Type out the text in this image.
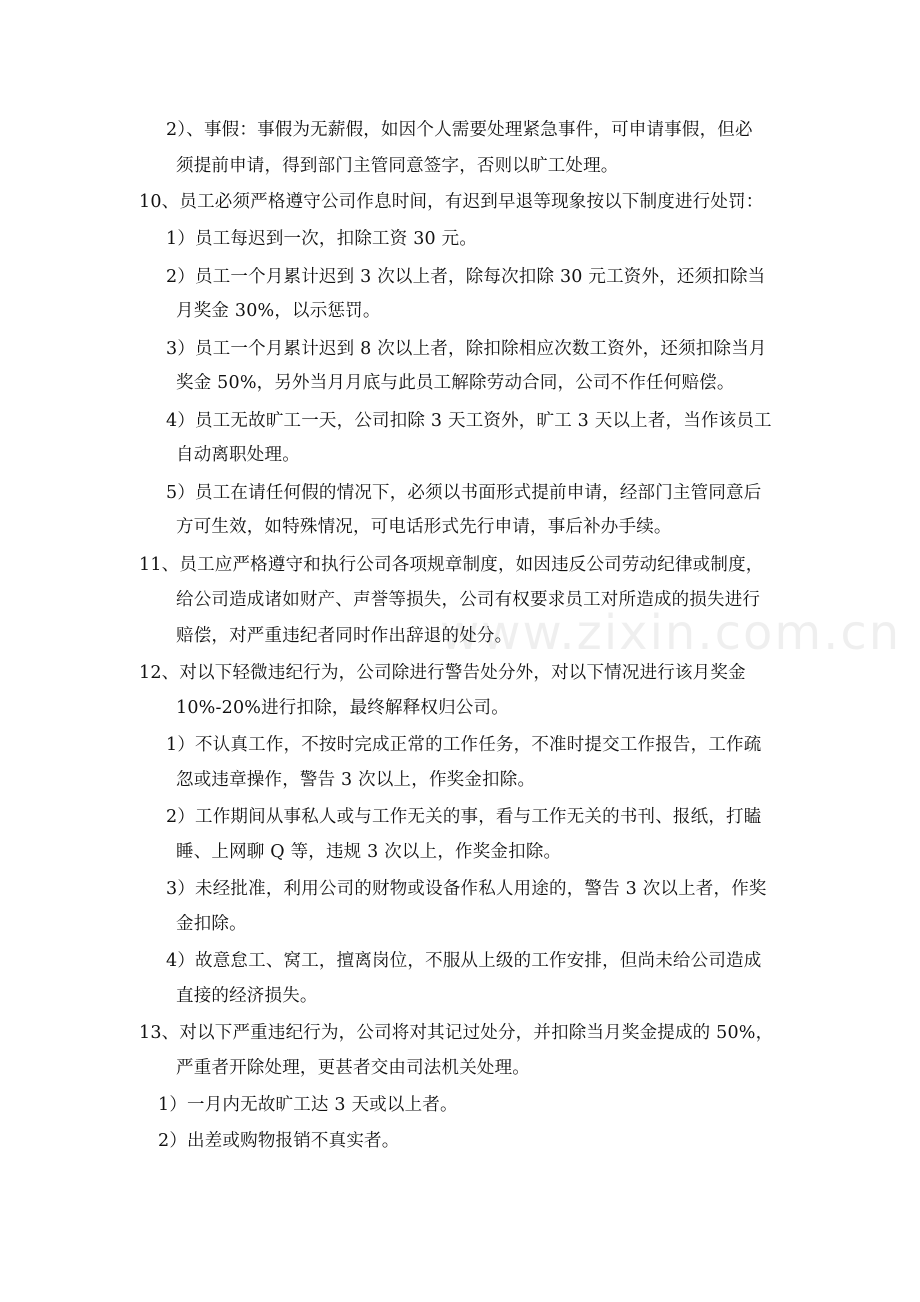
2）、事假：事假为无薪假，如因个人需要处理紧急事件，可申请事假，但必
须提前申请，得到部门主管同意签字，否则以旷工处理。
10、员工必须严格遵守公司作息时间，有迟到早退等现象按以下制度进行处罚：
1）员工每迟到一次，扣除工资 30 元。
2）员工一个月累计迟到 3 次以上者，除每次扣除 30 元工资外，还须扣除当
月奖金 30%，以示惩罚。
3）员工一个月累计迟到 8 次以上者，除扣除相应次数工资外，还须扣除当月
奖金 50%，另外当月月底与此员工解除劳动合同，公司不作任何赔偿。
4）员工无故旷工一天，公司扣除 3 天工资外，旷工 3 天以上者，当作该员工
自动离职处理。
5）员工在请任何假的情况下，必须以书面形式提前申请，经部门主管同意后
方可生效，如特殊情况，可电话形式先行申请，事后补办手续。
11、员工应严格遵守和执行公司各项规章制度，如因违反公司劳动纪律或制度，
给公司造成诸如财产、声誉等损失，公司有权要求员工对所造成的损失进行
赔偿，对严重违纪者同时作出辞退的处分。
12、对以下轻微违纪行为，公司除进行警告处分外，对以下情况进行该月奖金
10%-20%进行扣除，最终解释权归公司。
1）不认真工作，不按时完成正常的工作任务，不准时提交工作报告，工作疏
忽或违章操作，警告 3 次以上，作奖金扣除。
2）工作期间从事私人或与工作无关的事，看与工作无关的书刊、报纸，打瞌
睡、上网聊 Q 等，违规 3 次以上，作奖金扣除。
3）未经批准，利用公司的财物或设备作私人用途的，警告 3 次以上者，作奖
金扣除。
4）故意怠工、窝工，擅离岗位，不服从上级的工作安排，但尚未给公司造成
直接的经济损失。
13、对以下严重违纪行为，公司将对其记过处分，并扣除当月奖金提成的 50%，
严重者开除处理，更甚者交由司法机关处理。
1）一月内无故旷工达 3 天或以上者。
2）出差或购物报销不真实者。
www.zixin.com.cn
